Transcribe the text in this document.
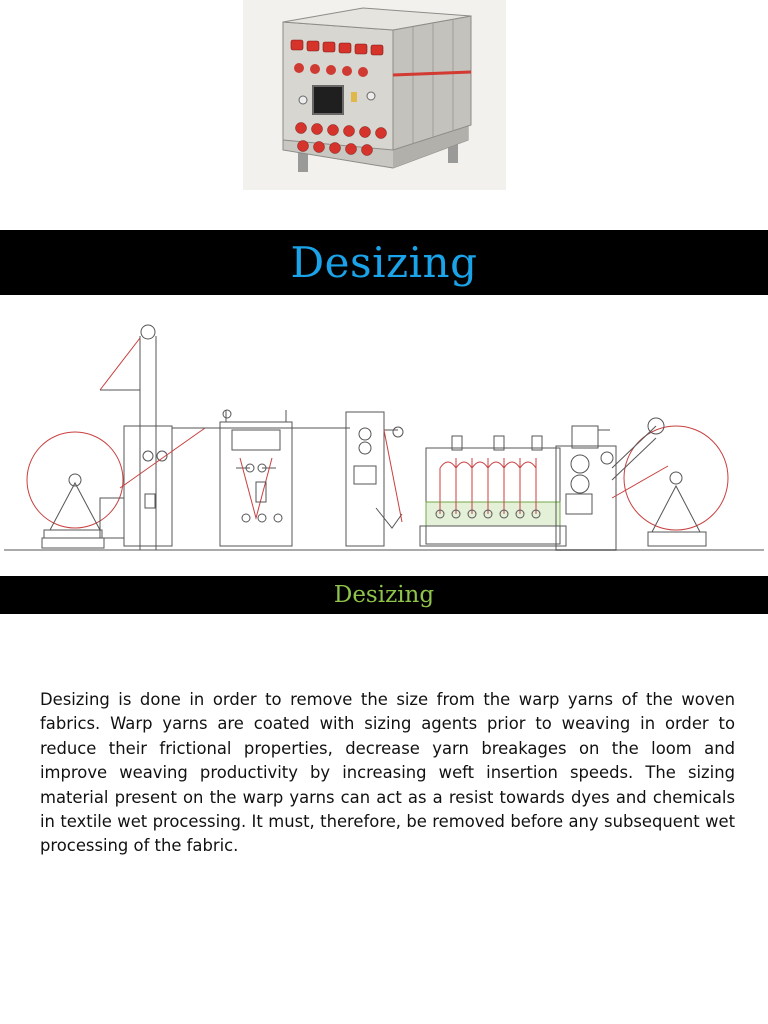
Desizing
Desizing

Desizing is done in order to remove the size from the warp yarns of the woven fabrics. Warp yarns are coated with sizing agents prior to weaving in order to reduce their frictional properties, decrease yarn breakages on the loom and improve weaving productivity by increasing weft insertion speeds. The sizing material present on the warp yarns can act as a resist towards dyes and chemicals in textile wet processing. It must, therefore, be removed before any subsequent wet processing of the fabric.
